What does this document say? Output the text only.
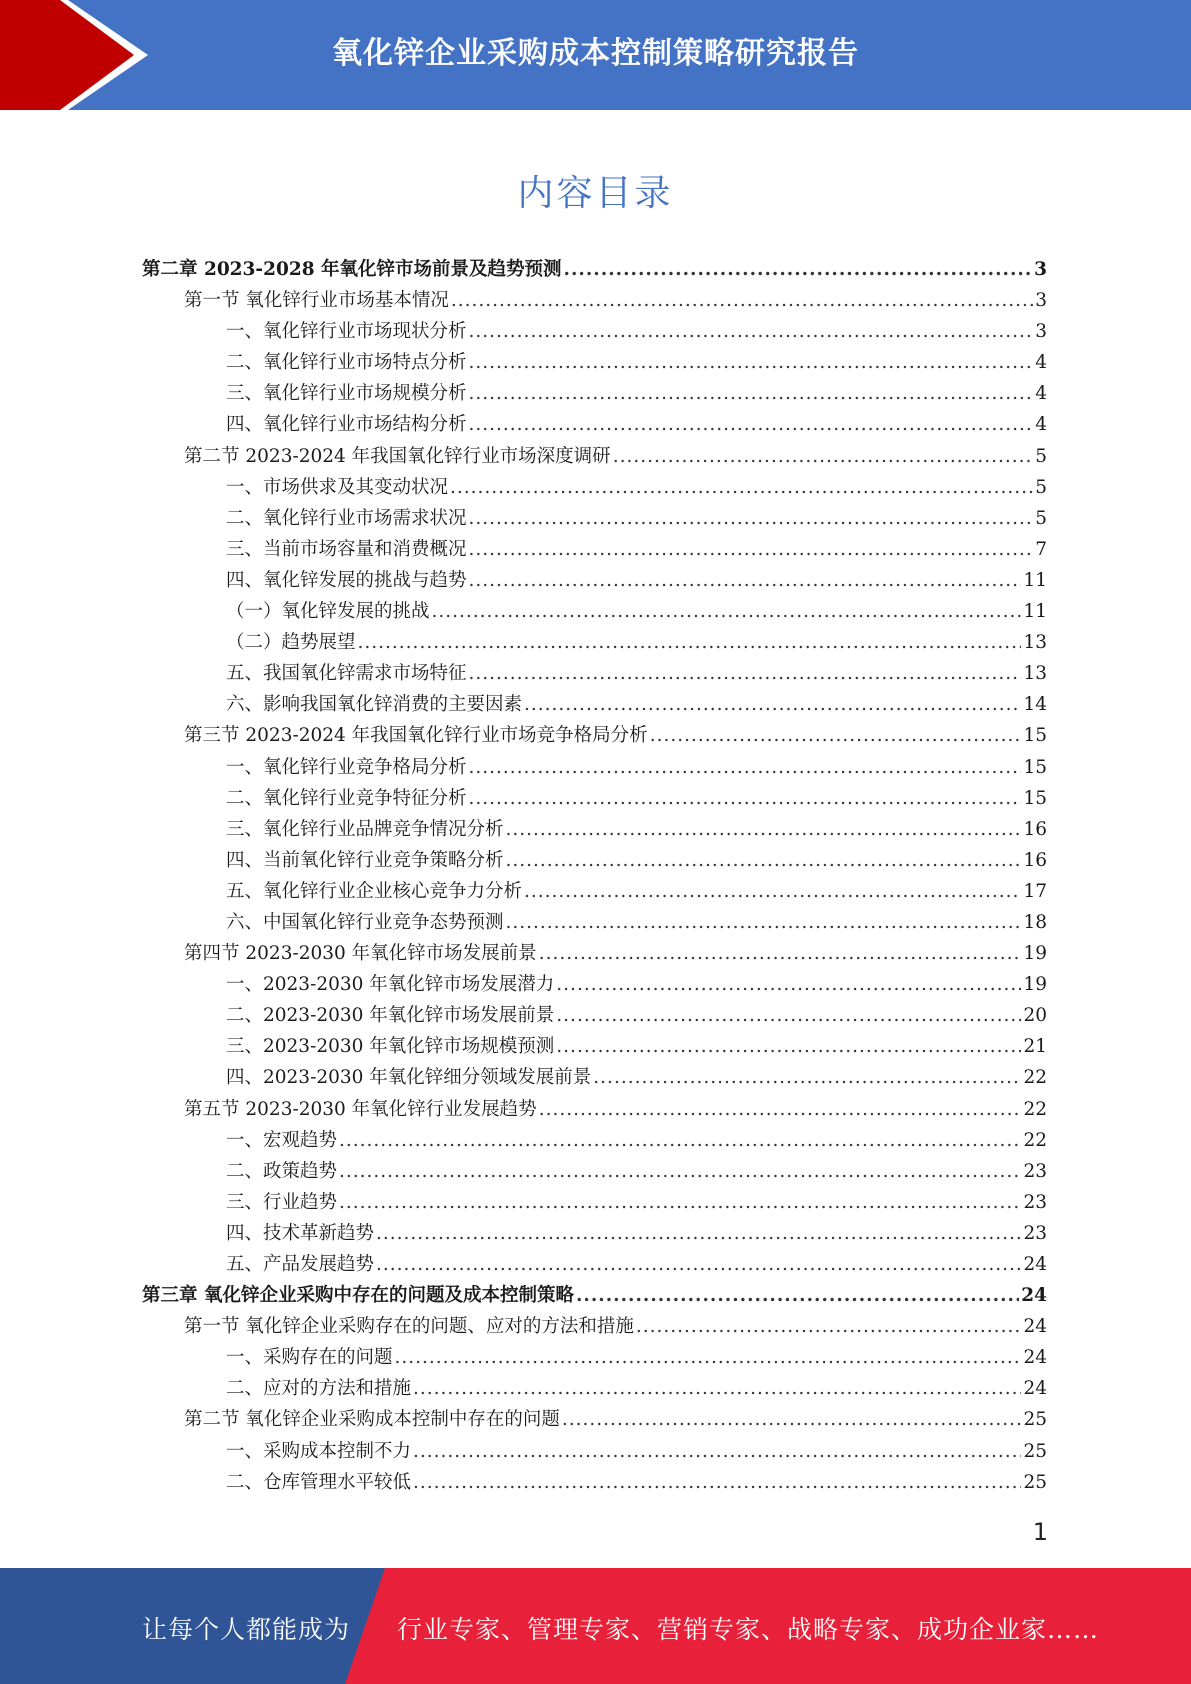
氧化锌企业采购成本控制策略研究报告
内容目录
第二章 2023-2028 年氧化锌市场前景及趋势预测 .....	3
第一节 氧化锌行业市场基本情况 .....	3
一、氧化锌行业市场现状分析 .....	3
二、氧化锌行业市场特点分析 .....	4
三、氧化锌行业市场规模分析 .....	4
四、氧化锌行业市场结构分析 .....	4
第二节 2023-2024 年我国氧化锌行业市场深度调研 .....	5
一、市场供求及其变动状况 .....	5
二、氧化锌行业市场需求状况 .....	5
三、当前市场容量和消费概况 .....	7
四、氧化锌发展的挑战与趋势 .....	11
（一）氧化锌发展的挑战 .....	11
（二）趋势展望 .....	13
五、我国氧化锌需求市场特征 .....	13
六、影响我国氧化锌消费的主要因素 .....	14
第三节 2023-2024 年我国氧化锌行业市场竞争格局分析 .....	15
一、氧化锌行业竞争格局分析 .....	15
二、氧化锌行业竞争特征分析 .....	15
三、氧化锌行业品牌竞争情况分析 .....	16
四、当前氧化锌行业竞争策略分析 .....	16
五、氧化锌行业企业核心竞争力分析 .....	17
六、中国氧化锌行业竞争态势预测 .....	18
第四节 2023-2030 年氧化锌市场发展前景 .....	19
一、2023-2030 年氧化锌市场发展潜力 .....	19
二、2023-2030 年氧化锌市场发展前景 .....	20
三、2023-2030 年氧化锌市场规模预测 .....	21
四、2023-2030 年氧化锌细分领域发展前景 .....	22
第五节 2023-2030 年氧化锌行业发展趋势 .....	22
一、宏观趋势 .....	22
二、政策趋势 .....	23
三、行业趋势 .....	23
四、技术革新趋势 .....	23
五、产品发展趋势 .....	24
第三章 氧化锌企业采购中存在的问题及成本控制策略 .....	24
第一节 氧化锌企业采购存在的问题、应对的方法和措施 .....	24
一、采购存在的问题 .....	24
二、应对的方法和措施 .....	24
第二节 氧化锌企业采购成本控制中存在的问题 .....	25
一、采购成本控制不力 .....	25
二、仓库管理水平较低 .....	25
1
让每个人都能成为 行业专家、管理专家、营销专家、战略专家、成功企业家……
